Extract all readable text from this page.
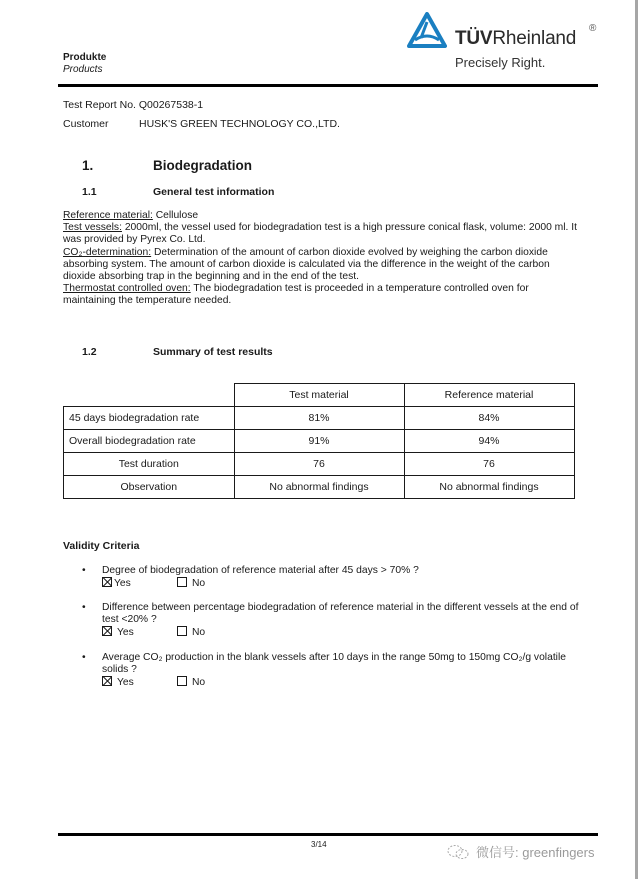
TÜVRheinland ®
Precisely Right.
Produkte
Products
Test Report No. Q00267538-1
Customer	HUSK'S GREEN TECHNOLOGY CO.,LTD.
1.	Biodegradation
1.1	General test information

Reference material: Cellulose

Test vessels: 2000ml, the vessel used for biodegradation test is a high pressure conical flask, volume: 2000 ml. It was provided by Pyrex Co. Ltd.

CO₂-determination: Determination of the amount of carbon dioxide evolved by weighing the carbon dioxide absorbing system. The amount of carbon dioxide is calculated via the difference in the weight of the carbon dioxide absorbing trap in the beginning and in the end of the test.

Thermostat controlled oven: The biodegradation test is proceeded in a temperature controlled oven for maintaining the temperature needed.

1.2	Summary of test results
	Test material	Reference material
45 days biodegradation rate	81%	84%
Overall biodegradation rate	91%	94%
Test duration	76	76
Observation	No abnormal findings	No abnormal findings
Validity Criteria
• Degree of biodegradation of reference material after 45 days > 70% ?
Yes	No
• Difference between percentage biodegradation of reference material in the different vessels at the end of test <20% ?
Yes	No
• Average CO₂ production in the blank vessels after 10 days in the range 50mg to 150mg CO₂/g volatile solids ?
Yes	No
3/14
微信号: greenfingers
